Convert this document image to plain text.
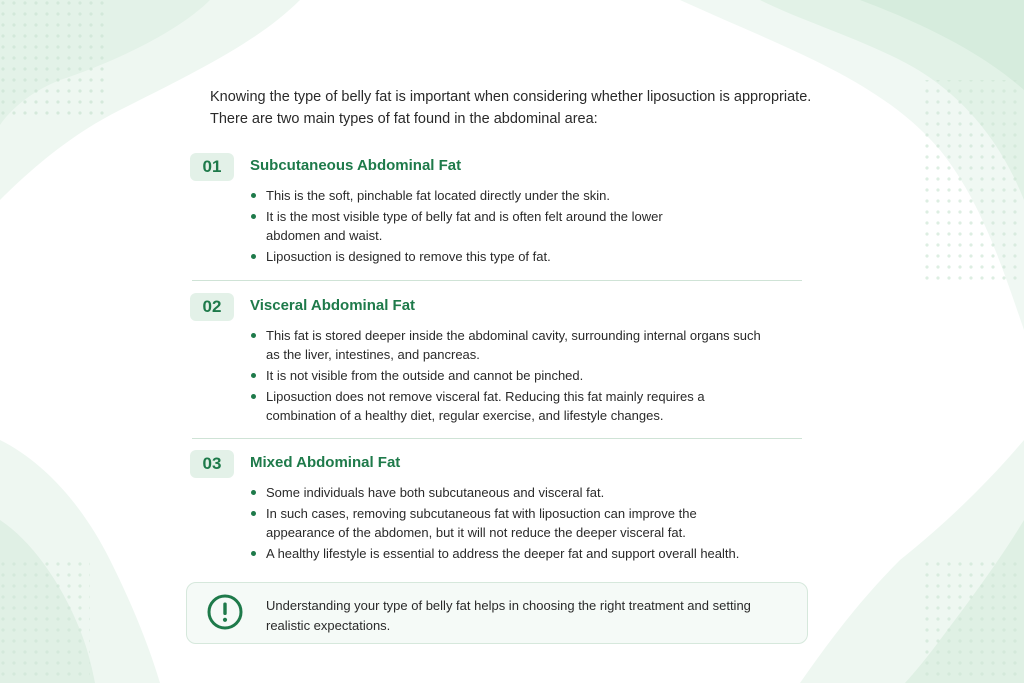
Knowing the type of belly fat is important when considering whether liposuction is appropriate.

There are two main types of fat found in the abdominal area:

01	Subcutaneous Abdominal Fat
This is the soft, pinchable fat located directly under the skin.
It is the most visible type of belly fat and is often felt around the lower abdomen and waist.
Liposuction is designed to remove this type of fat.
02	Visceral Abdominal Fat
This fat is stored deeper inside the abdominal cavity, surrounding internal organs such as the liver, intestines, and pancreas.
It is not visible from the outside and cannot be pinched.
Liposuction does not remove visceral fat. Reducing this fat mainly requires a combination of a healthy diet, regular exercise, and lifestyle changes.
03	Mixed Abdominal Fat
Some individuals have both subcutaneous and visceral fat.
In such cases, removing subcutaneous fat with liposuction can improve the appearance of the abdomen, but it will not reduce the deeper visceral fat.
A healthy lifestyle is essential to address the deeper fat and support overall health.
Understanding your type of belly fat helps in choosing the right treatment and setting realistic expectations.
